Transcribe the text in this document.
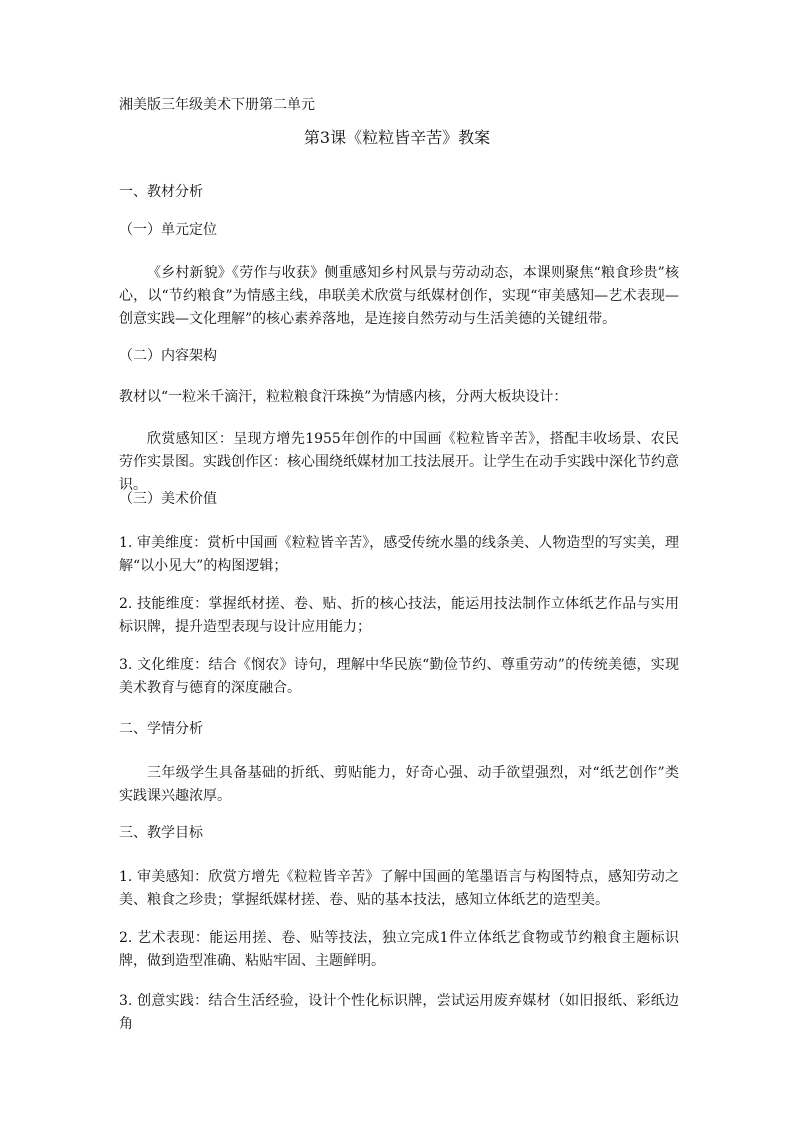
湘美版三年级美术下册第二单元
第3课《粒粒皆辛苦》教案
一、教材分析
（一）单元定位
《乡村新貌》《劳作与收获》侧重感知乡村风景与劳动动态，本课则聚焦“粮食珍贵”核心，以“节约粮食”为情感主线，串联美术欣赏与纸媒材创作，实现“审美感知—艺术表现—创意实践—文化理解”的核心素养落地，是连接自然劳动与生活美德的关键纽带。
（二）内容架构
教材以“一粒米千滴汗，粒粒粮食汗珠换”为情感内核，分两大板块设计：
欣赏感知区：呈现方增先1955年创作的中国画《粒粒皆辛苦》，搭配丰收场景、农民劳作实景图。实践创作区：核心围绕纸媒材加工技法展开。让学生在动手实践中深化节约意识。
（三）美术价值
1. 审美维度：赏析中国画《粒粒皆辛苦》，感受传统水墨的线条美、人物造型的写实美，理解“以小见大”的构图逻辑；
2. 技能维度：掌握纸材搓、卷、贴、折的核心技法，能运用技法制作立体纸艺作品与实用标识牌，提升造型表现与设计应用能力；
3. 文化维度：结合《悯农》诗句，理解中华民族“勤俭节约、尊重劳动”的传统美德，实现美术教育与德育的深度融合。
二、学情分析
三年级学生具备基础的折纸、剪贴能力，好奇心强、动手欲望强烈，对“纸艺创作”类实践课兴趣浓厚。
三、教学目标
1. 审美感知：欣赏方增先《粒粒皆辛苦》了解中国画的笔墨语言与构图特点，感知劳动之美、粮食之珍贵；掌握纸媒材搓、卷、贴的基本技法，感知立体纸艺的造型美。
2. 艺术表现：能运用搓、卷、贴等技法，独立完成1件立体纸艺食物或节约粮食主题标识牌，做到造型准确、粘贴牢固、主题鲜明。
3. 创意实践：结合生活经验，设计个性化标识牌，尝试运用废弃媒材（如旧报纸、彩纸边角
